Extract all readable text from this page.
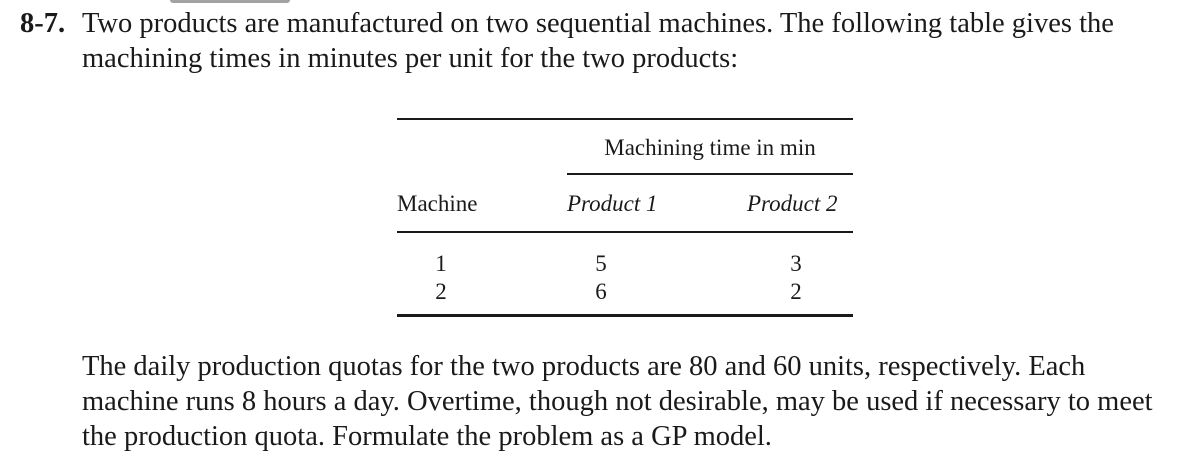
8-7. Two products are manufactured on two sequential machines. The following table gives the machining times in minutes per unit for the two products:
Machining time in min
Machine	Product 1	Product 2
1	5	3
2	6	2
The daily production quotas for the two products are 80 and 60 units, respectively. Each machine runs 8 hours a day. Overtime, though not desirable, may be used if necessary to meet the production quota. Formulate the problem as a GP model.
